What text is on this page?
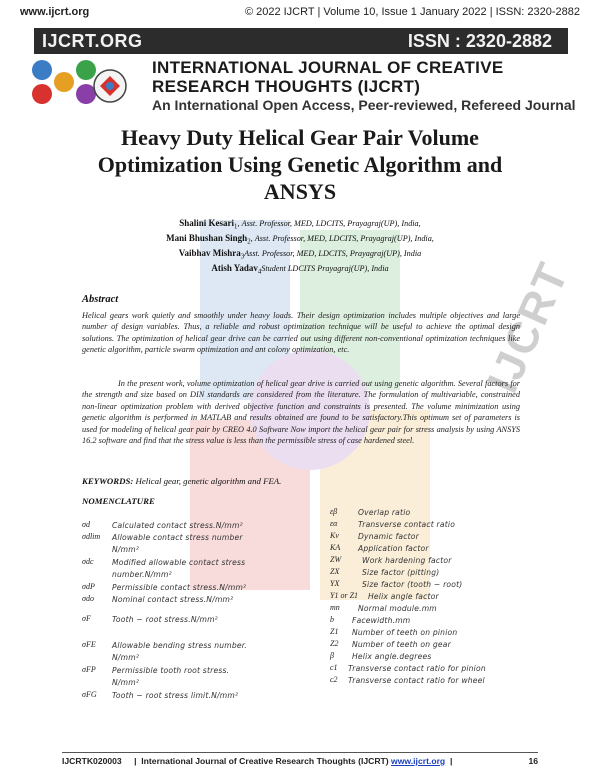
www.ijcrt.org	© 2022 IJCRT | Volume 10, Issue 1 January 2022 | ISSN: 2320-2882
IJCRT.ORG	ISSN : 2320-2882
INTERNATIONAL JOURNAL OF CREATIVE
RESEARCH THOUGHTS (IJCRT)
An International Open Access, Peer-reviewed, Refereed Journal
IJCRT
Heavy Duty Helical Gear Pair Volume
Optimization Using Genetic Algorithm and
ANSYS
Shalini Kesari$_1$, Asst. Professor, MED, LDCITS, Prayagraj(UP), India,
Mani Bhushan Singh$_2$, Asst. Professor, MED, LDCITS, Prayagraj(UP), India,
Vaibhav Mishra$_3$Asst. Professor, MED, LDCITS, Prayagraj(UP), India
Atish Yadav$_4$Student LDCITS Prayagraj(UP), India
Abstract

Helical gears work quietly and smoothly under heavy loads. Their design optimization includes multiple objectives and large number of design variables. Thus, a reliable and robust optimization technique will be useful to achieve the optimal design solutions. The optimization of helical gear drive can be carried out using different non-conventional optimization techniques like genetic algorithm, particle swarm optimization and ant colony optimization, etc.

In the present work, volume optimization of helical gear drive is carried out using genetic algorithm. Several factors for the strength and size based on DIN standards are considered from the literature. The formulation of multivariable, constrained non-linear optimization problem with derived objective function and constraints is presented. The volume minimization using genetic algorithm is performed in MATLAB and results obtained are found to be satisfactory.This optimum set of parameters is used for modeling of helical gear pair by CREO 4.0 Software Now import the helical gear pair for stress analysis by using ANSYS 16.2 software and find that the stress value is less than the permissible stress of case hardened steel.

KEYWORDS: Helical gear, genetic algorithm and FEA.
NOMENCLATURE
σd	Calculated contact stress.N/mm²
σdlim Allowable contact stress number
N/mm²
σdc Modified allowable contact stress
number.N/mm²
σdP Permissible contact stress.N/mm²
σdo Nominal contact stress.N/mm²
σF	Tooth − root stress.N/mm²
σFE Allowable bending stress number.
N/mm²
σFP Permissible tooth root stress.
N/mm²
σFG Tooth − root stress limit.N/mm²
εβ	Overlap ratio
εα	Transverse contact ratio
Kv	Dynamic factor
KA Application factor
ZW	Work hardening factor
ZX	Size factor (pitting)
YX	Size factor (tooth − root)
Y1 or Z1 Helix angle factor
mn Normal module.mm
b Facewidth.mm
Z1 Number of teeth on pinion
Z2 Number of teeth on gear
β Helix angle.degrees
c1 Transverse contact ratio for pinion
c2 Transverse contact ratio for wheel
IJCRTK020003 |  International Journal of Creative Research Thoughts (IJCRT) www.ijcrt.org  |	16
